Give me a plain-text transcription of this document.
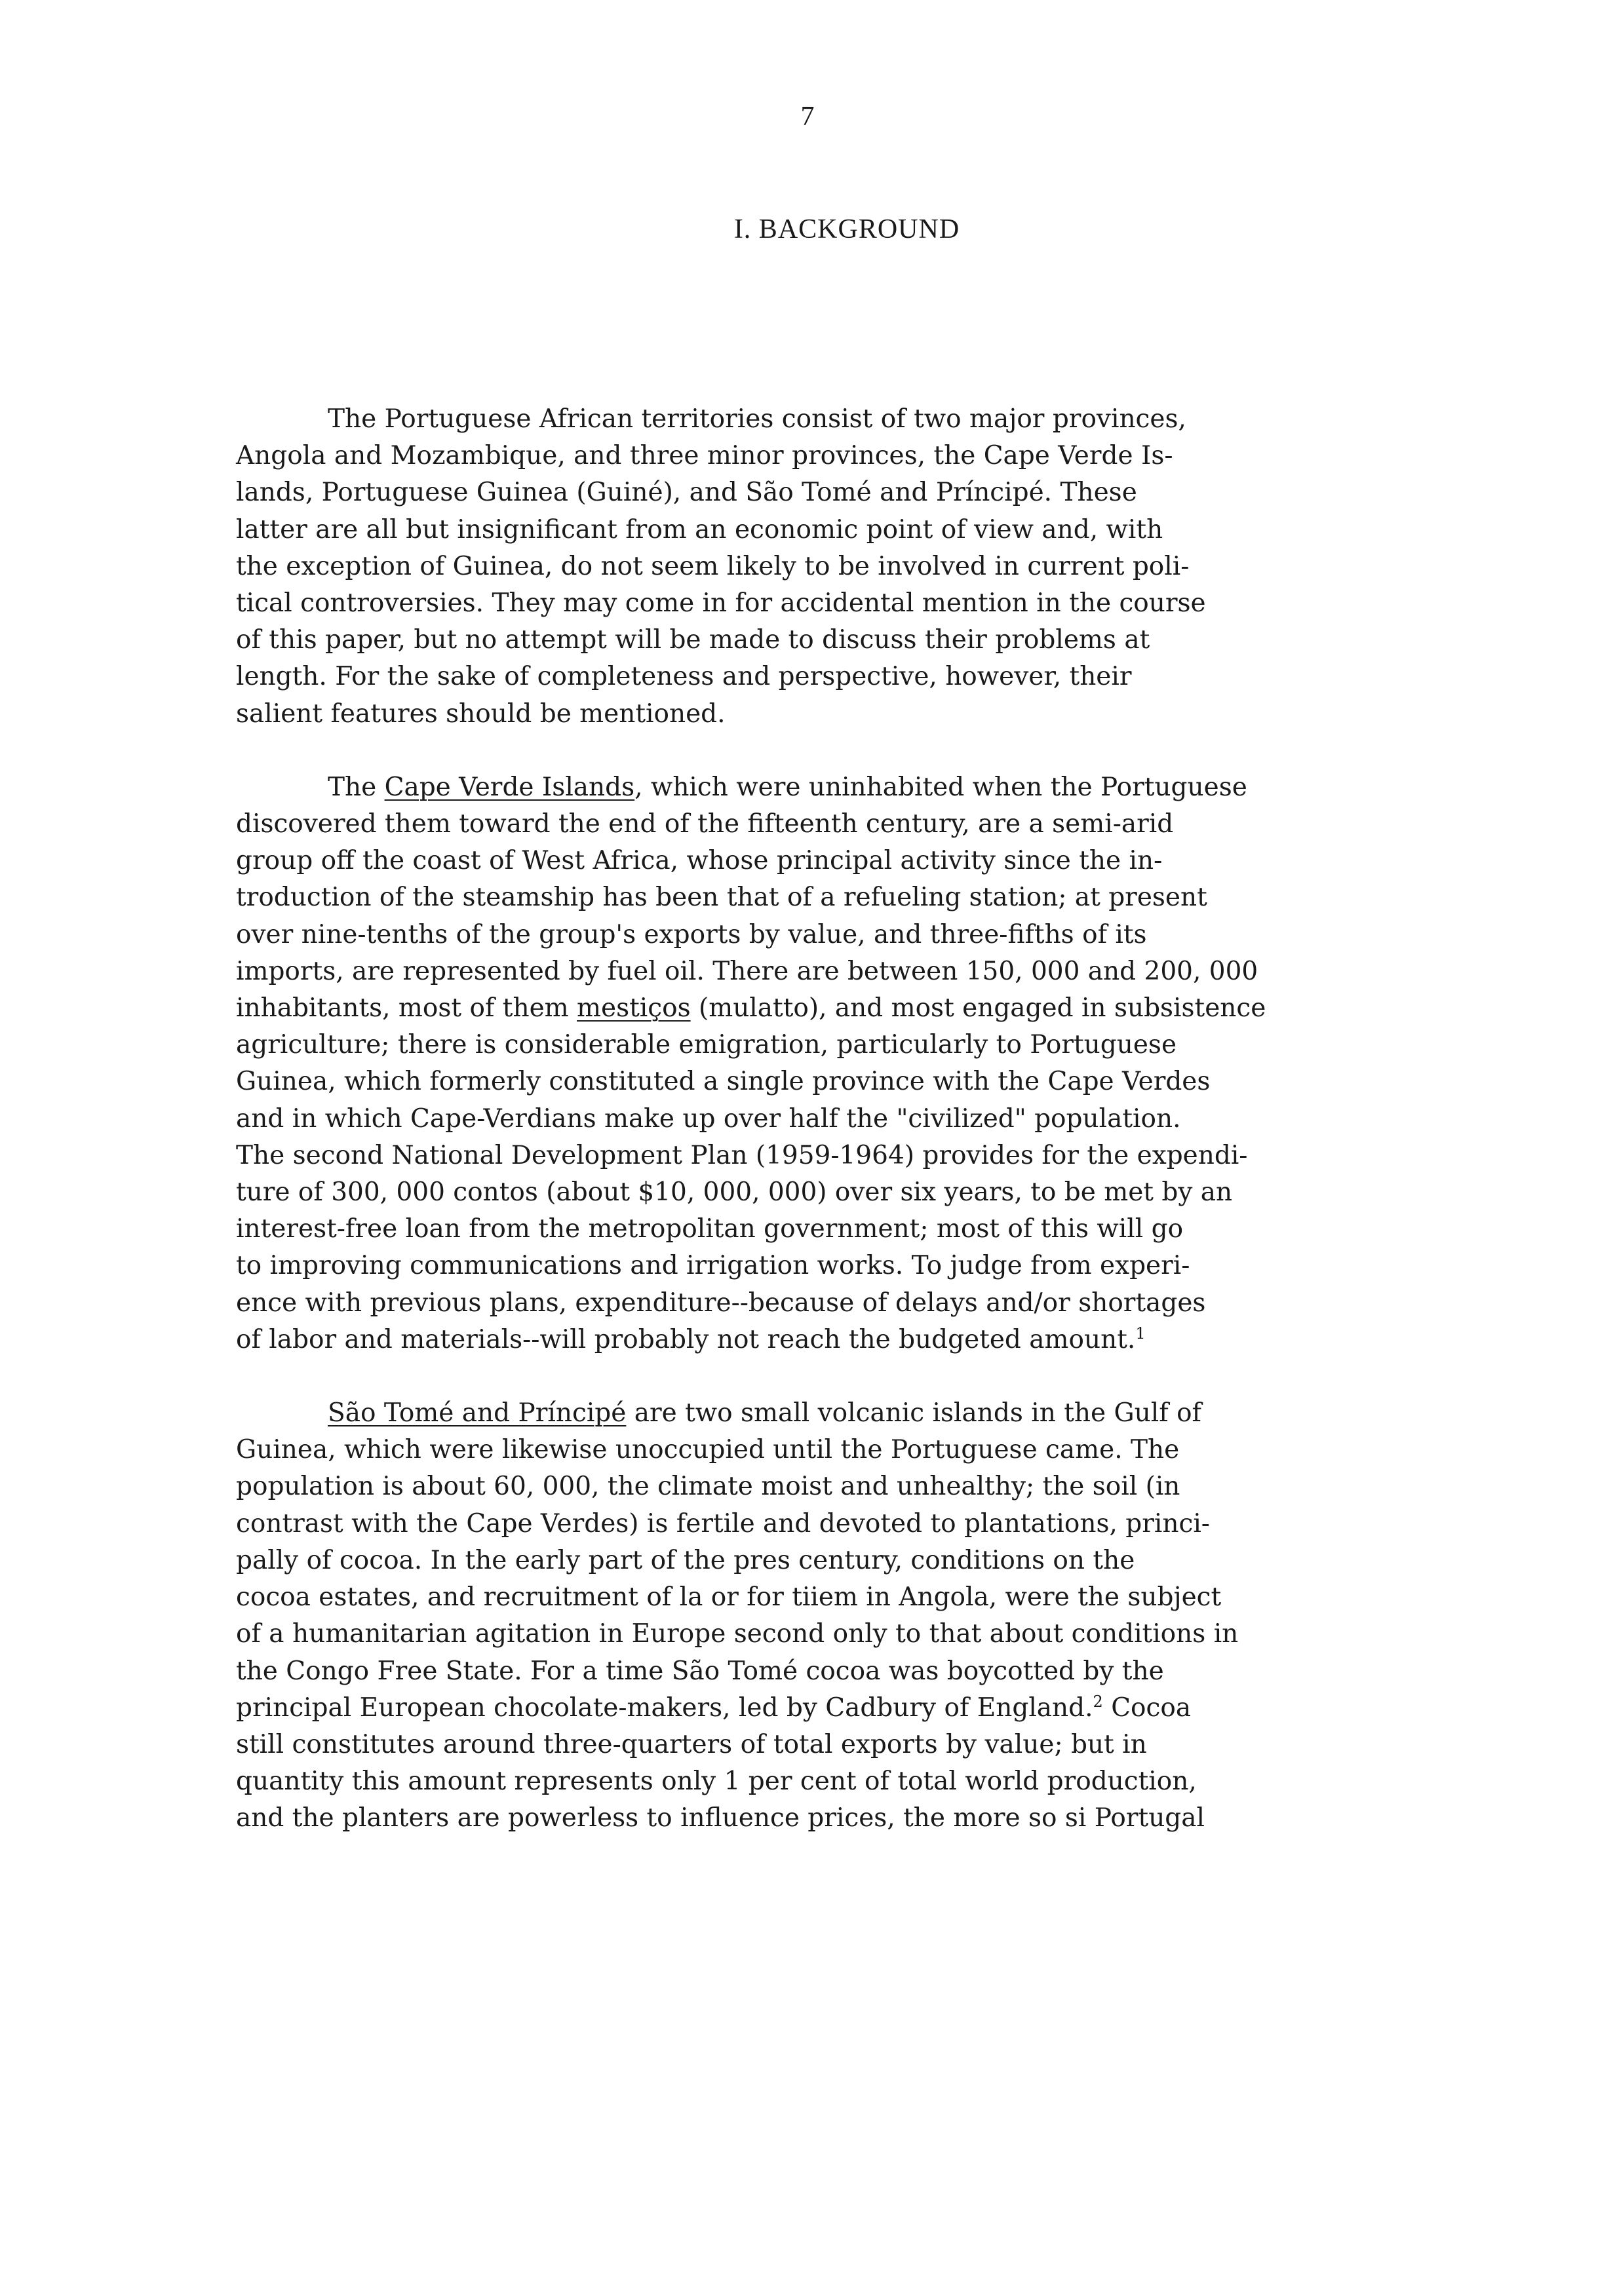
7
I. BACKGROUND
The Portuguese African territories consist of two major provinces,
Angola and Mozambique, and three minor provinces, the Cape Verde Is-
lands, Portuguese Guinea (Guiné), and São Tomé and Príncipé. These
latter are all but insignificant from an economic point of view and, with
the exception of Guinea, do not seem likely to be involved in current poli-
tical controversies. They may come in for accidental mention in the course
of this paper, but no attempt will be made to discuss their problems at
length. For the sake of completeness and perspective, however, their
salient features should be mentioned.
The Cape Verde Islands, which were uninhabited when the Portuguese
discovered them toward the end of the fifteenth century, are a semi-arid
group off the coast of West Africa, whose principal activity since the in-
troduction of the steamship has been that of a refueling station; at present
over nine-tenths of the group's exports by value, and three-fifths of its
imports, are represented by fuel oil. There are between 150, 000 and 200, 000
inhabitants, most of them mestiços (mulatto), and most engaged in subsistence
agriculture; there is considerable emigration, particularly to Portuguese
Guinea, which formerly constituted a single province with the Cape Verdes
and in which Cape-Verdians make up over half the "civilized" population.
The second National Development Plan (1959-1964) provides for the expendi-
ture of 300, 000 contos (about $10, 000, 000) over six years, to be met by an
interest-free loan from the metropolitan government; most of this will go
to improving communications and irrigation works. To judge from experi-
ence with previous plans, expenditure--because of delays and/or shortages
of labor and materials--will probably not reach the budgeted amount.$^1$
São Tomé and Príncipé are two small volcanic islands in the Gulf of
Guinea, which were likewise unoccupied until the Portuguese came. The
population is about 60, 000, the climate moist and unhealthy; the soil (in
contrast with the Cape Verdes) is fertile and devoted to plantations, princi-
pally of cocoa. In the early part of the pres century, conditions on the
cocoa estates, and recruitment of la or for tiiem in Angola, were the subject
of a humanitarian agitation in Europe second only to that about conditions in
the Congo Free State. For a time São Tomé cocoa was boycotted by the
principal European chocolate-makers, led by Cadbury of England.$^2$ Cocoa
still constitutes around three-quarters of total exports by value; but in
quantity this amount represents only 1 per cent of total world production,
and the planters are powerless to influence prices, the more so si Portugal
